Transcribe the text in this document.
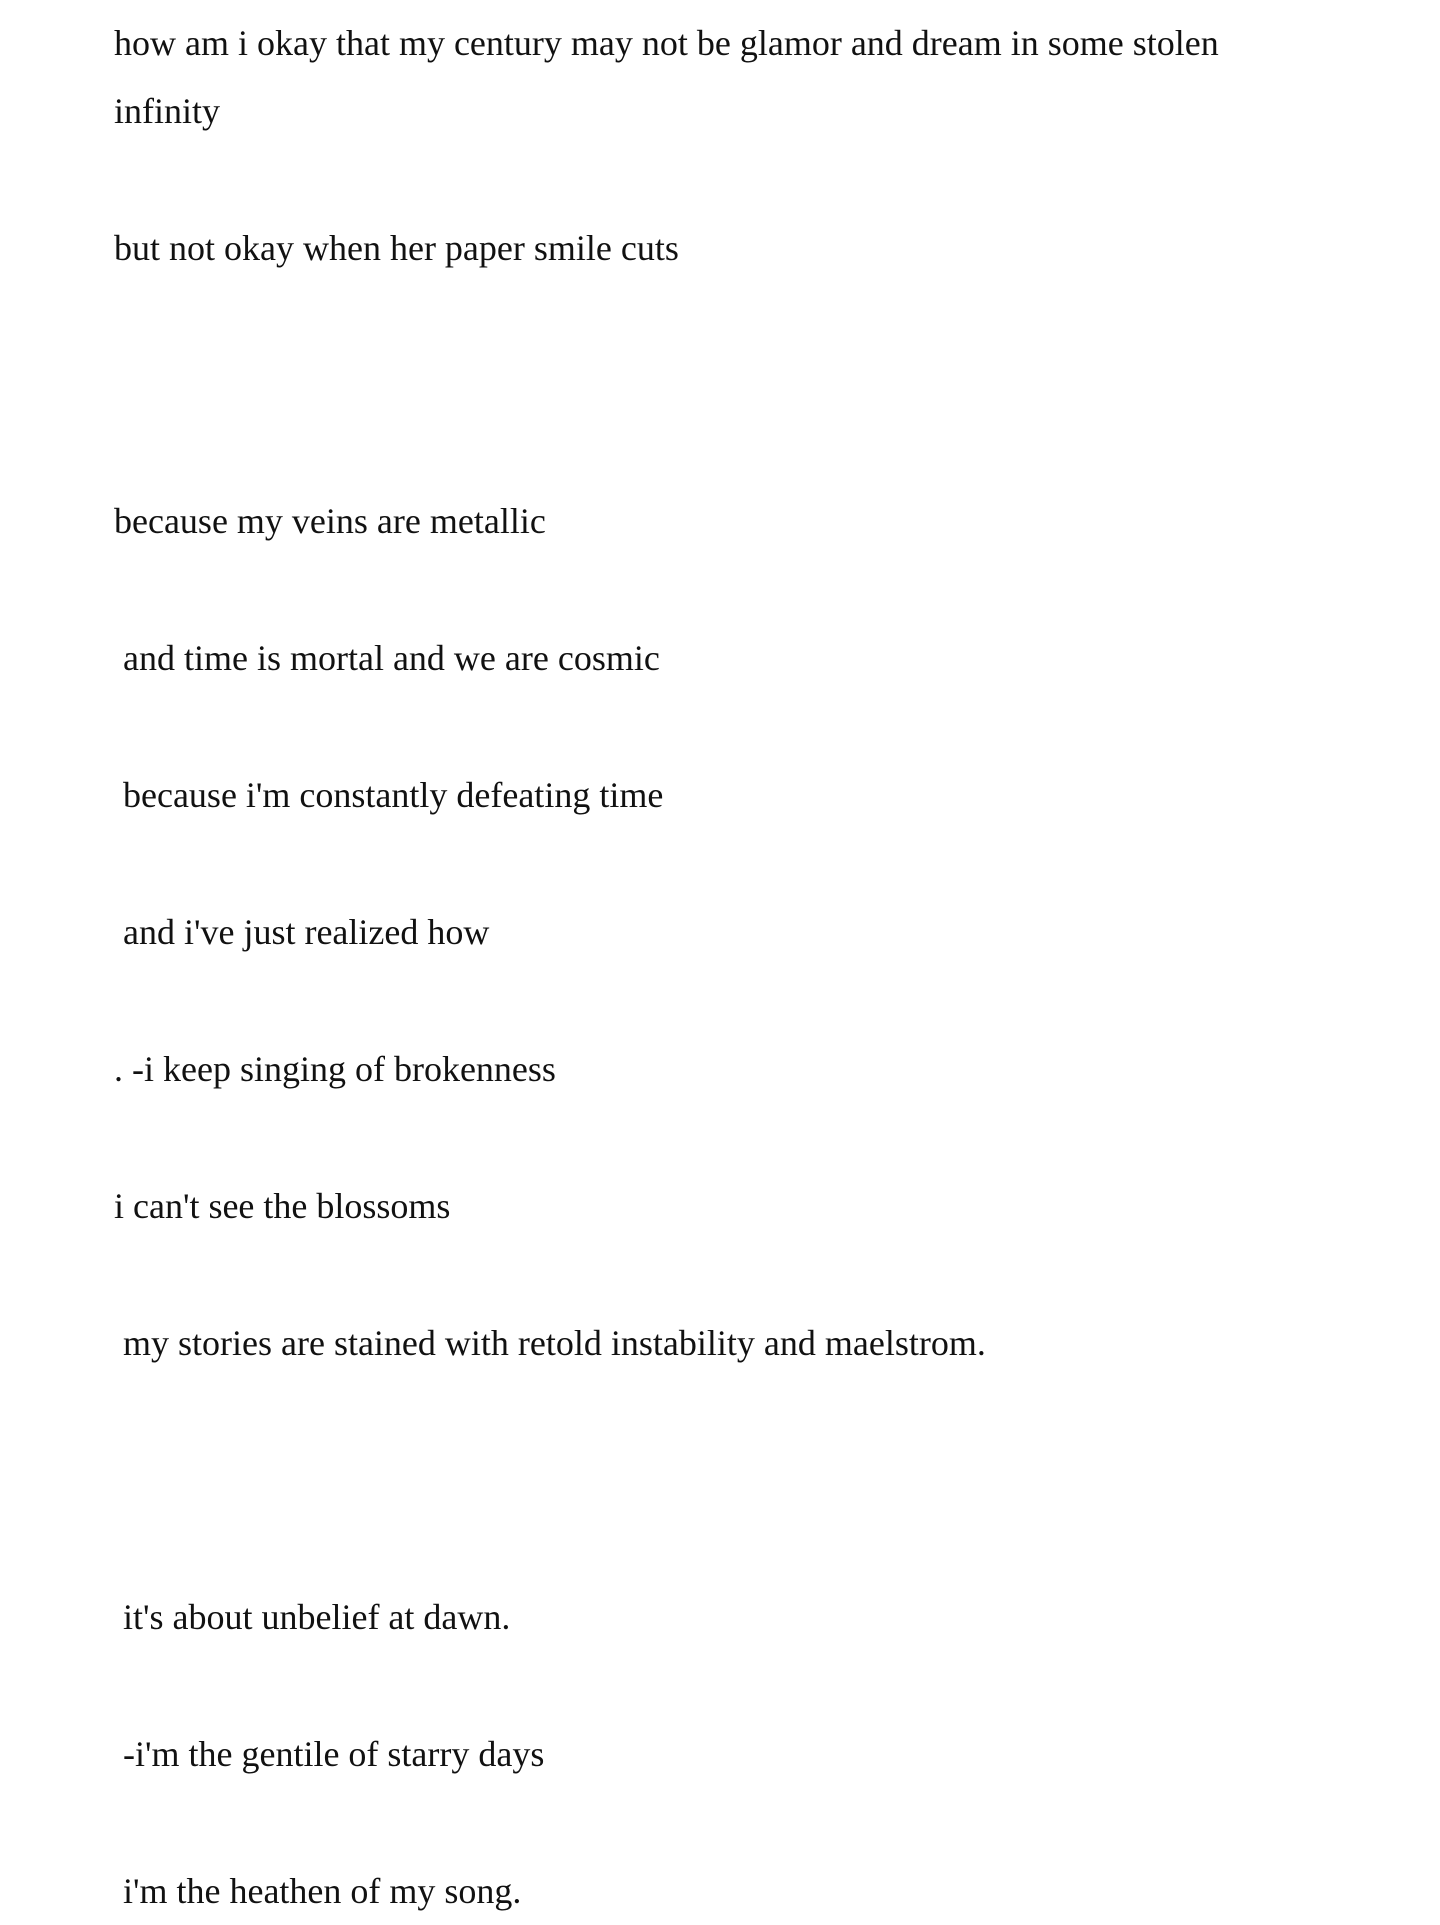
how am i okay that my century may not be glamor and dream in some stolen

infinity

but not okay when her paper smile cuts

because my veins are metallic

and time is mortal and we are cosmic

because i'm constantly defeating time

and i've just realized how

. -i keep singing of brokenness

i can't see the blossoms

my stories are stained with retold instability and maelstrom.

it's about unbelief at dawn.

-i'm the gentile of starry days

i'm the heathen of my song.
